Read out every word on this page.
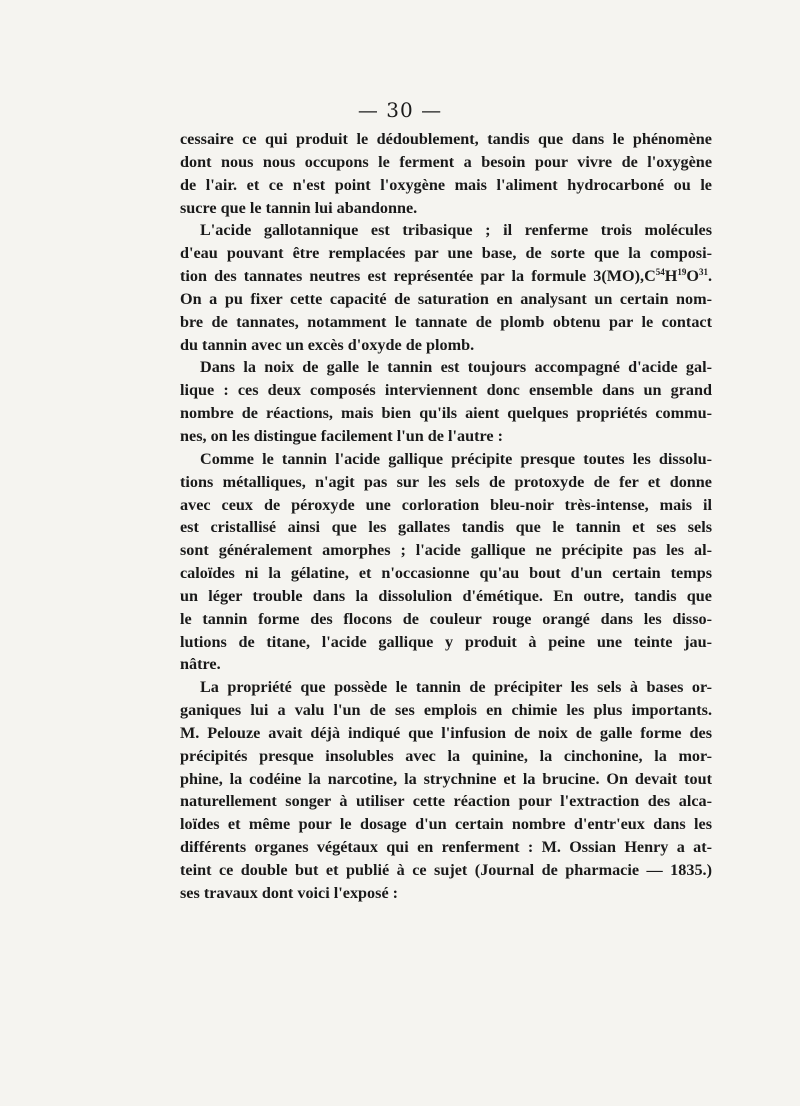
— 30 —
cessaire ce qui produit le dédoublement, tandis que dans le phénomène
dont nous nous occupons le ferment a besoin pour vivre de l'oxygène
de l'air. et ce n'est point l'oxygène mais l'aliment hydrocarboné ou le
sucre que le tannin lui abandonne.
L'acide gallotannique est tribasique ; il renferme trois molécules
d'eau pouvant être remplacées par une base, de sorte que la composi-
tion des tannates neutres est représentée par la formule $3(MO),C^{54}H^{19}O^{31}$.
On a pu fixer cette capacité de saturation en analysant un certain nom-
bre de tannates, notamment le tannate de plomb obtenu par le contact
du tannin avec un excès d'oxyde de plomb.
Dans la noix de galle le tannin est toujours accompagné d'acide gal-
lique : ces deux composés interviennent donc ensemble dans un grand
nombre de réactions, mais bien qu'ils aient quelques propriétés commu-
nes, on les distingue facilement l'un de l'autre :
Comme le tannin l'acide gallique précipite presque toutes les dissolu-
tions métalliques, n'agit pas sur les sels de protoxyde de fer et donne
avec ceux de péroxyde une corloration bleu-noir très-intense, mais il
est cristallisé ainsi que les gallates tandis que le tannin et ses sels
sont généralement amorphes ; l'acide gallique ne précipite pas les al-
caloïdes ni la gélatine, et n'occasionne qu'au bout d'un certain temps
un léger trouble dans la dissolulion d'émétique. En outre, tandis que
le tannin forme des flocons de couleur rouge orangé dans les disso-
lutions de titane, l'acide gallique y produit à peine une teinte jau-
nâtre.
La propriété que possède le tannin de précipiter les sels à bases or-
ganiques lui a valu l'un de ses emplois en chimie les plus importants.
M. Pelouze avait déjà indiqué que l'infusion de noix de galle forme des
précipités presque insolubles avec la quinine, la cinchonine, la mor-
phine, la codéine la narcotine, la strychnine et la brucine. On devait tout
naturellement songer à utiliser cette réaction pour l'extraction des alca-
loïdes et même pour le dosage d'un certain nombre d'entr'eux dans les
différents organes végétaux qui en renferment : M. Ossian Henry a at-
teint ce double but et publié à ce sujet (Journal de pharmacie — 1835.)
ses travaux dont voici l'exposé :
